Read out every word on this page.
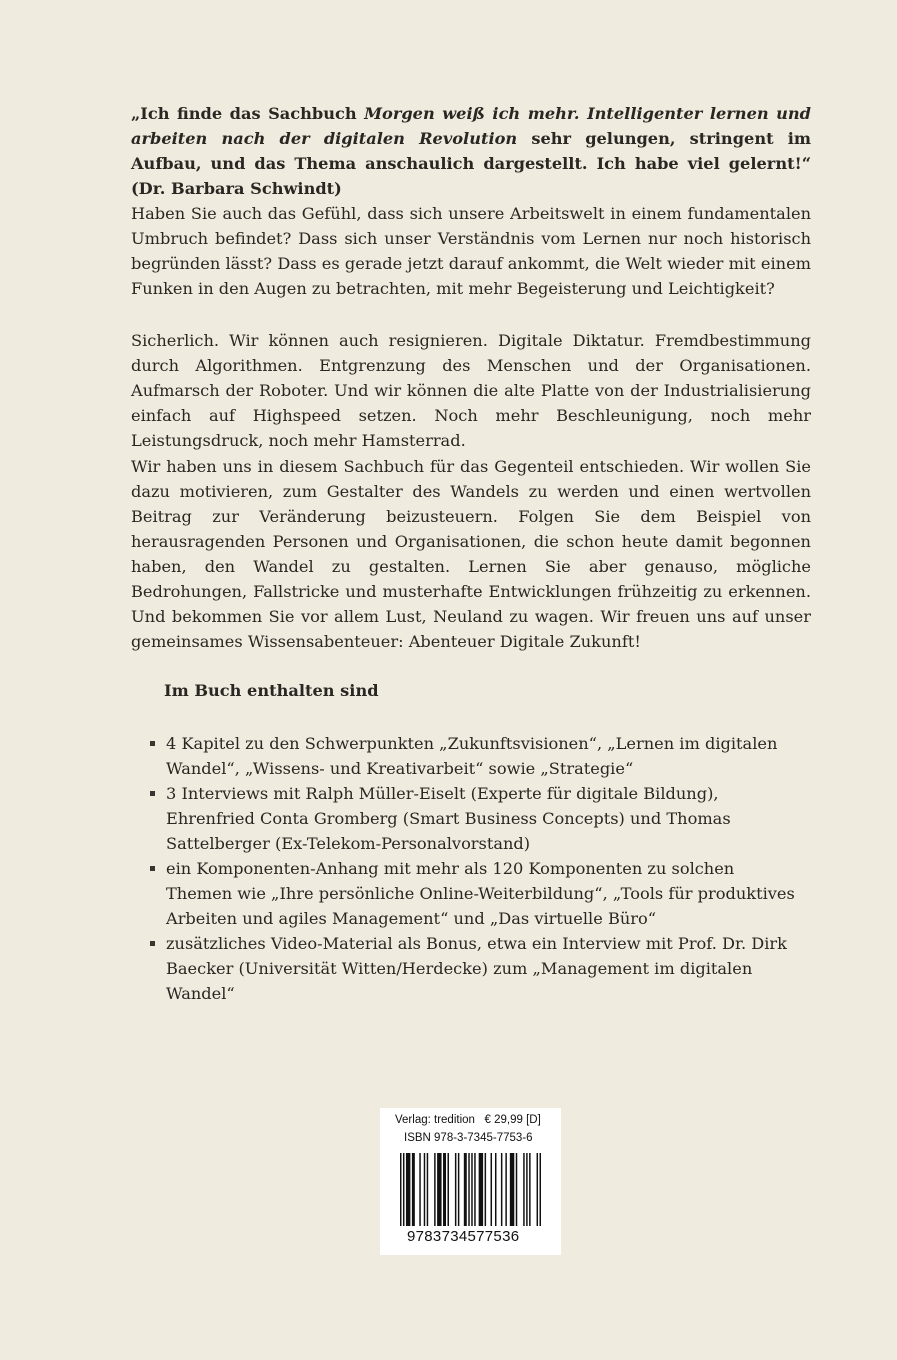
„Ich finde das Sachbuch Morgen weiß ich mehr. Intelligenter lernen und arbeiten nach der digitalen Revolution sehr gelungen, stringent im Aufbau, und das Thema anschaulich dargestellt. Ich habe viel gelernt!“ (Dr. Barbara Schwindt)

Haben Sie auch das Gefühl, dass sich unsere Arbeitswelt in einem fundamentalen Umbruch befindet? Dass sich unser Verständnis vom Lernen nur noch historisch begründen lässt? Dass es gerade jetzt darauf ankommt, die Welt wieder mit einem Funken in den Augen zu betrachten, mit mehr Begeisterung und Leichtigkeit?

Sicherlich. Wir können auch resignieren. Digitale Diktatur. Fremdbestimmung durch Algorithmen. Entgrenzung des Menschen und der Organisationen. Aufmarsch der Roboter. Und wir können die alte Platte von der Industrialisierung einfach auf Highspeed setzen. Noch mehr Beschleunigung, noch mehr Leistungsdruck, noch mehr Hamsterrad.

Wir haben uns in diesem Sachbuch für das Gegenteil entschieden. Wir wollen Sie dazu motivieren, zum Gestalter des Wandels zu werden und einen wertvollen Beitrag zur Veränderung beizusteuern. Folgen Sie dem Beispiel von herausragenden Personen und Organisationen, die schon heute damit begonnen haben, den Wandel zu gestalten. Lernen Sie aber genauso, mögliche Bedrohungen, Fallstricke und musterhafte Entwicklungen frühzeitig zu erkennen. Und bekommen Sie vor allem Lust, Neuland zu wagen. Wir freuen uns auf unser gemeinsames Wissensabenteuer: Abenteuer Digitale Zukunft!

Im Buch enthalten sind
4 Kapitel zu den Schwerpunkten „Zukunftsvisionen“, „Lernen im digitalen Wandel“, „Wissens- und Kreativarbeit“ sowie „Strategie“
3 Interviews mit Ralph Müller-Eiselt (Experte für digitale Bildung), Ehrenfried Conta Gromberg (Smart Business Concepts) und Thomas Sattelberger (Ex-Telekom-Personalvorstand)
ein Komponenten-Anhang mit mehr als 120 Komponenten zu solchen Themen wie „Ihre persönliche Online-Weiterbildung“, „Tools für produktives Arbeiten und agiles Management“ und „Das virtuelle Büro“
zusätzliches Video-Material als Bonus, etwa ein Interview mit Prof. Dr. Dirk Baecker (Universität Witten/Herdecke) zum „Management im digitalen Wandel“
Verlag: tredition € 29,99 [D]
ISBN 978-3-7345-7753-6
9783734577536
